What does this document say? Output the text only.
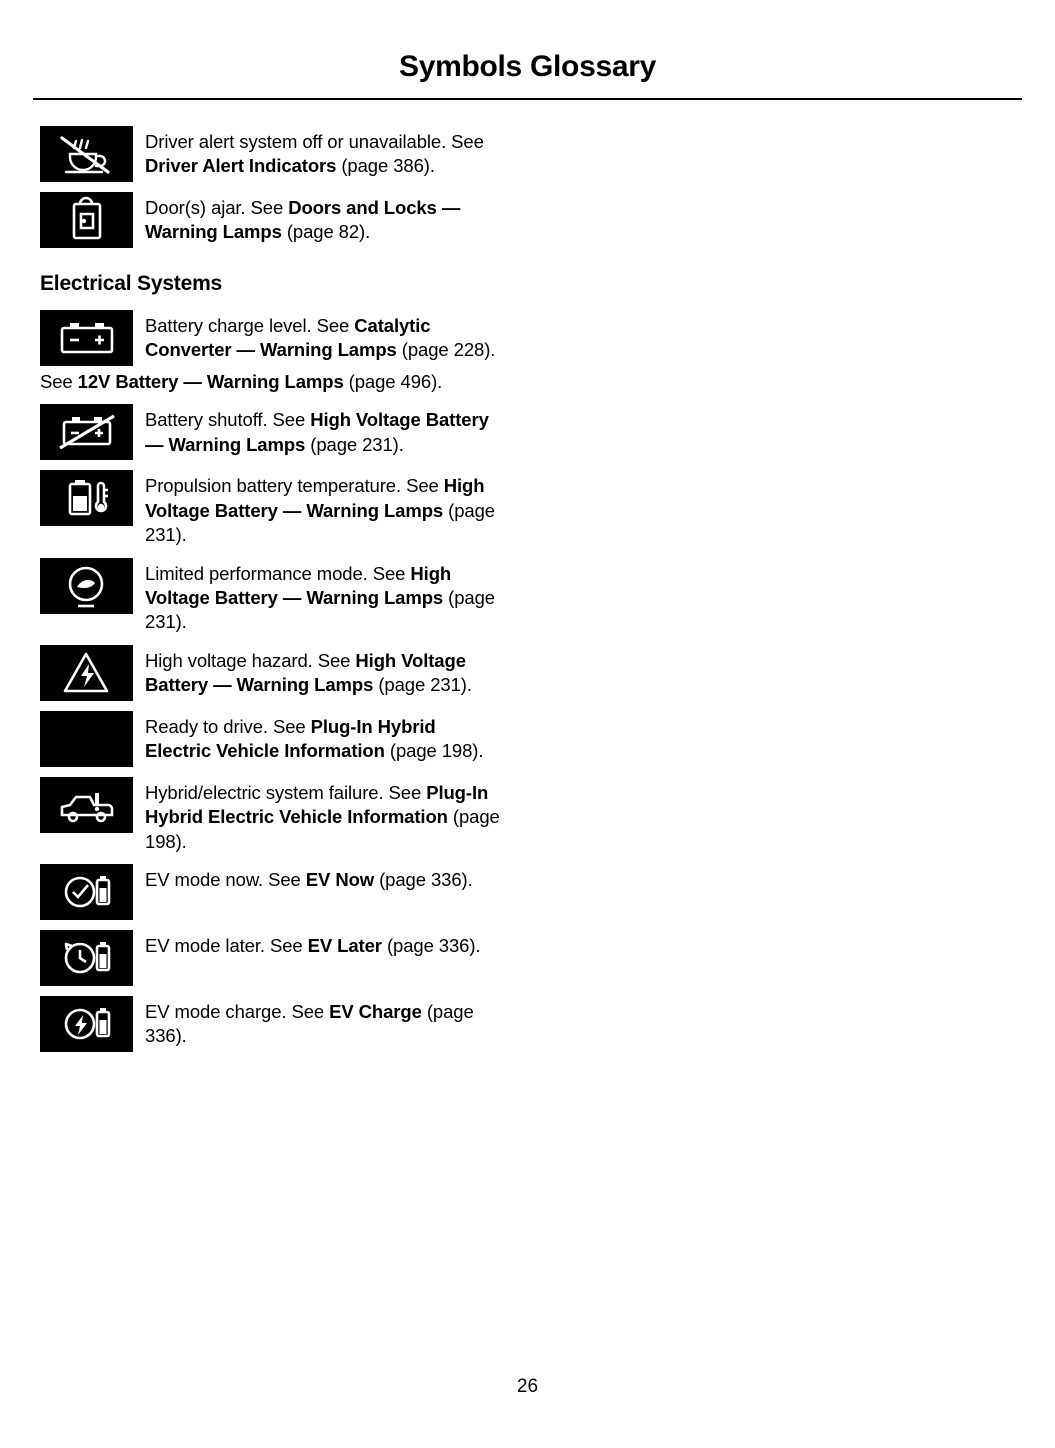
Symbols Glossary
Driver alert system off or unavailable. See Driver Alert Indicators (page 386).
Door(s) ajar. See Doors and Locks — Warning Lamps (page 82).
Electrical Systems
Battery charge level. See Catalytic Converter — Warning Lamps (page 228).
See 12V Battery — Warning Lamps (page 496).
Battery shutoff. See High Voltage Battery — Warning Lamps (page 231).
Propulsion battery temperature. See High Voltage Battery — Warning Lamps (page 231).
Limited performance mode. See High Voltage Battery — Warning Lamps (page 231).
High voltage hazard. See High Voltage Battery — Warning Lamps (page 231).
Ready to drive. See Plug-In Hybrid Electric Vehicle Information (page 198).
Hybrid/electric system failure. See Plug-In Hybrid Electric Vehicle Information (page 198).
EV mode now. See EV Now (page 336).
EV mode later. See EV Later (page 336).
EV mode charge. See EV Charge (page 336).
26
